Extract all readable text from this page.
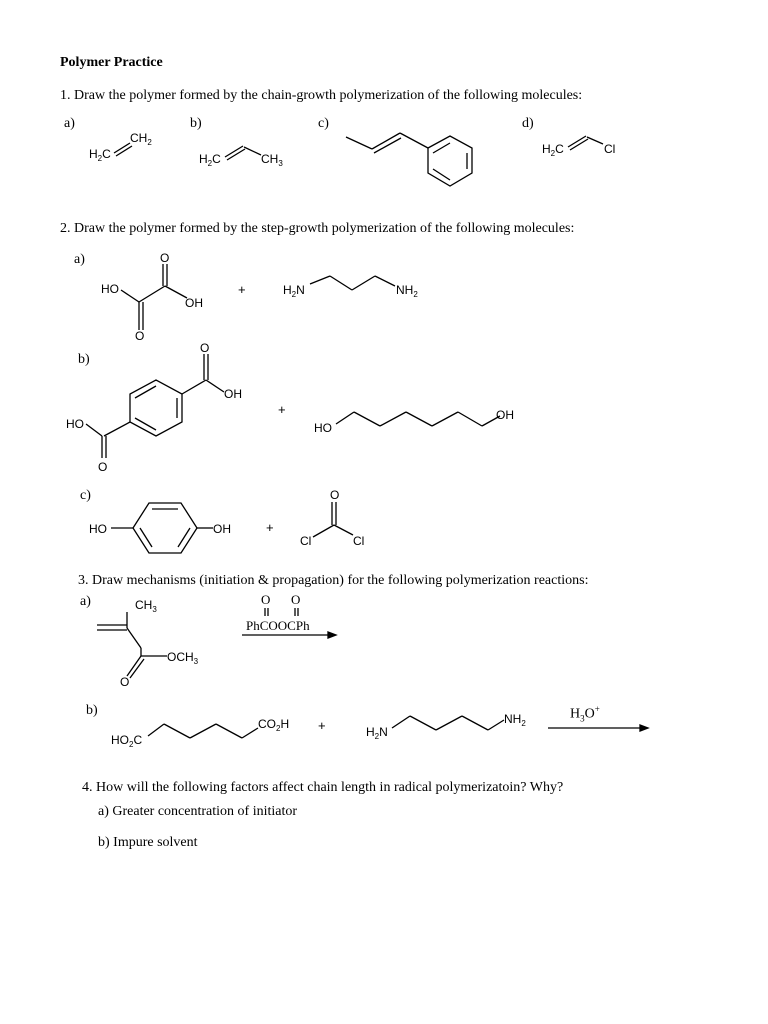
Polymer Practice
1. Draw the polymer formed by the chain-growth polymerization of the following molecules:
a)	b)	c)	d)
$H_2C$
$CH_2$
$H_2C$	$CH_3$
$H_2C$	Cl
2. Draw the polymer formed by the step-growth polymerization of the following molecules:
a)
HO
O
OH
O
+	$H_2N$	$NH_2$
b)
HO
O
O
OH
+
HO
OH
c)
HO	OH	+
O
Cl	Cl
3. Draw mechanisms (initiation & propagation) for the following polymerization reactions:
a)	$CH_3$
$OCH_3$
O
O O
PhCOOCPh
b)
$HO_2C$
$CO_2H$ +	$H_2N$
$NH_2$
$H_3O^+$
4. How will the following factors affect chain length in radical polymerizatoin? Why?
a) Greater concentration of initiator
b) Impure solvent
